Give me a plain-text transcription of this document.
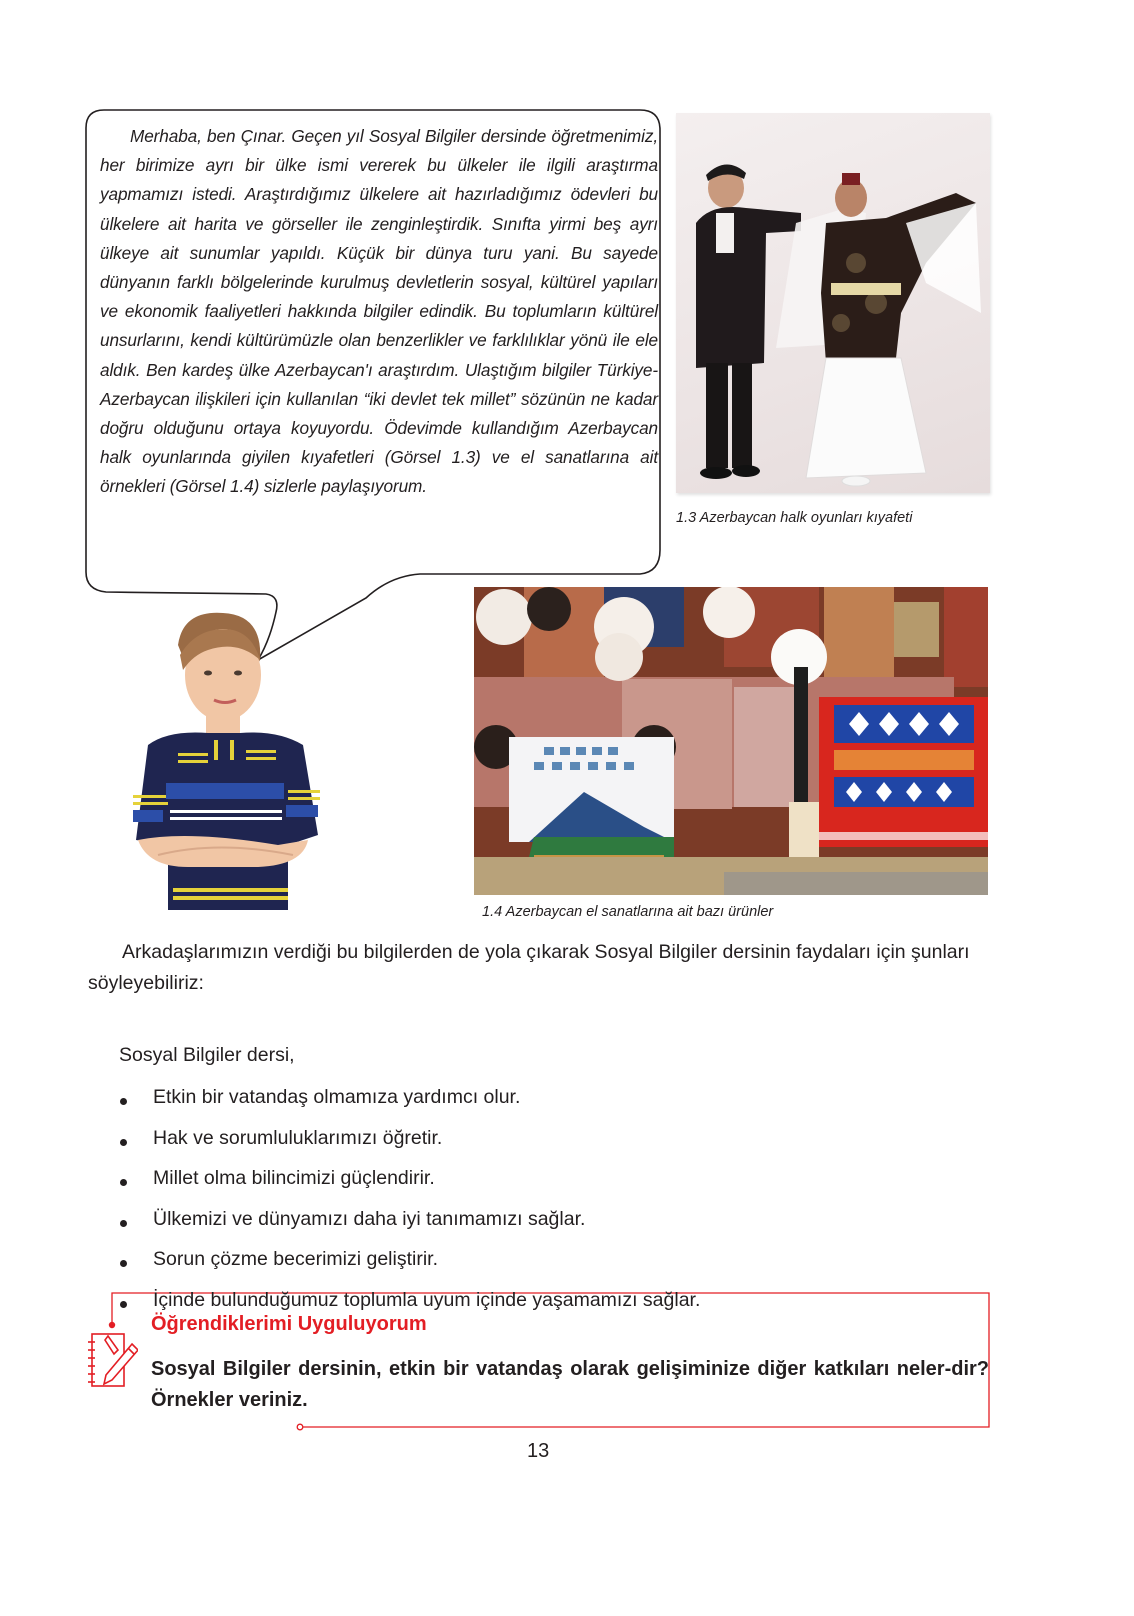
Merhaba, ben Çınar. Geçen yıl Sosyal Bilgiler dersinde öğretmenimiz, her birimize ayrı bir ülke ismi vererek bu ülkeler ile ilgili araştırma yapmamızı istedi. Araştırdığımız ülkelere ait hazırladığımız ödevleri bu ülkelere ait harita ve görseller ile zenginleştirdik. Sınıfta yirmi beş ayrı ülkeye ait sunumlar yapıldı. Küçük bir dünya turu yani. Bu sayede dünyanın farklı bölgelerinde kurulmuş devletlerin sosyal, kültürel yapıları ve ekonomik faaliyetleri hakkında bilgiler edindik. Bu toplumların kültürel unsurlarını, kendi kültürümüzle olan benzerlikler ve farklılıklar yönü ile ele aldık. Ben kardeş ülke Azerbaycan'ı araştırdım. Ulaştığım bilgiler Türkiye-Azerbaycan ilişkileri için kullanılan “iki devlet tek millet” sözünün ne kadar doğru olduğunu ortaya koyuyordu. Ödevimde kullandığım Azerbaycan halk oyunlarında giyilen kıyafetleri (Görsel 1.3) ve el sanatlarına ait örnekleri (Görsel 1.4) sizlerle paylaşıyorum.

1.3 Azerbaycan halk oyunları kıyafeti
1.4 Azerbaycan el sanatlarına ait bazı ürünler
Arkadaşlarımızın verdiği bu bilgilerden de yola çıkarak Sosyal Bilgiler dersinin faydaları için şunları söyleyebiliriz:
Sosyal Bilgiler dersi,
Etkin bir vatandaş olmamıza yardımcı olur.
Hak ve sorumluluklarımızı öğretir.
Millet olma bilincimizi güçlendirir.
Ülkemizi ve dünyamızı daha iyi tanımamızı sağlar.
Sorun çözme becerimizi geliştirir.
İçinde bulunduğumuz toplumla uyum içinde yaşamamızı sağlar.
Öğrendiklerimi Uyguluyorum
Sosyal Bilgiler dersinin, etkin bir vatandaş olarak gelişiminize diğer katkıları neler-dir? Örnekler veriniz.
13
